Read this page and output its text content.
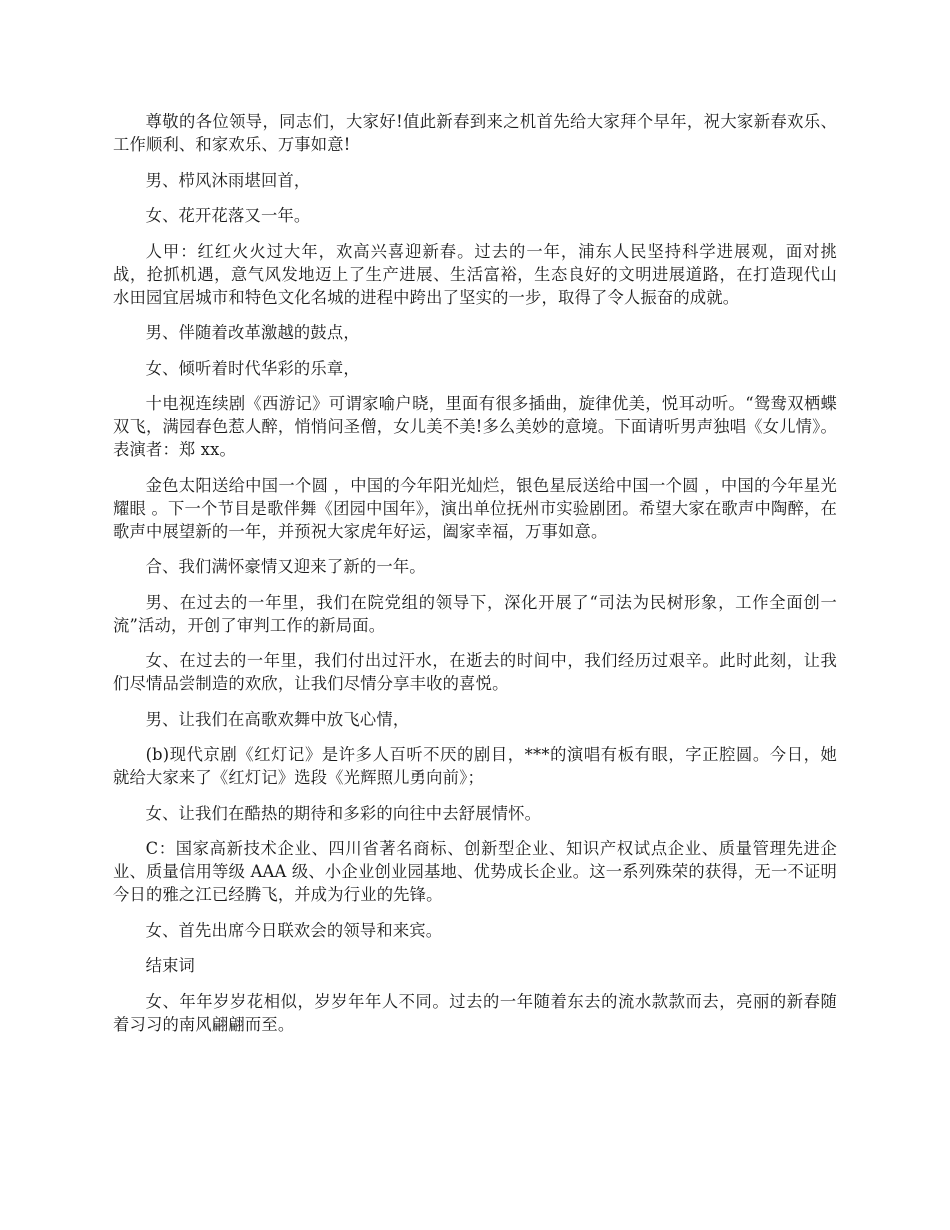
尊敬的各位领导，同志们，大家好!值此新春到来之机首先给大家拜个早年，祝大家新春欢乐、工作顺利、和家欢乐、万事如意!

男、栉风沐雨堪回首，

女、花开花落又一年。

人甲：红红火火过大年，欢高兴喜迎新春。过去的一年，浦东人民坚持科学进展观，面对挑战，抢抓机遇，意气风发地迈上了生产进展、生活富裕，生态良好的文明进展道路，在打造现代山水田园宜居城市和特色文化名城的进程中跨出了坚实的一步，取得了令人振奋的成就。

男、伴随着改革激越的鼓点，

女、倾听着时代华彩的乐章，

十电视连续剧《西游记》可谓家喻户晓，里面有很多插曲，旋律优美，悦耳动听。“鸳鸯双栖蝶双飞，满园春色惹人醉，悄悄问圣僧，女儿美不美!多么美妙的意境。下面请听男声独唱《女儿情》。表演者：郑 xx。

金色太阳送给中国一个圆 ，中国的今年阳光灿烂，银色星辰送给中国一个圆 ，中国的今年星光耀眼 。下一个节目是歌伴舞《团园中国年》，演出单位抚州市实验剧团。希望大家在歌声中陶醉，在歌声中展望新的一年，并预祝大家虎年好运，阖家幸福，万事如意。

合、我们满怀豪情又迎来了新的一年。

男、在过去的一年里，我们在院党组的领导下，深化开展了“司法为民树形象，工作全面创一流”活动，开创了审判工作的新局面。

女、在过去的一年里，我们付出过汗水，在逝去的时间中，我们经历过艰辛。此时此刻，让我们尽情品尝制造的欢欣，让我们尽情分享丰收的喜悦。

男、让我们在高歌欢舞中放飞心情，

(b)现代京剧《红灯记》是许多人百听不厌的剧目，***的演唱有板有眼，字正腔圆。今日，她就给大家来了《红灯记》选段《光辉照儿勇向前》；

女、让我们在酷热的期待和多彩的向往中去舒展情怀。

C：国家高新技术企业、四川省著名商标、创新型企业、知识产权试点企业、质量管理先进企业、质量信用等级 AAA 级、小企业创业园基地、优势成长企业。这一系列殊荣的获得，无一不证明今日的雅之江已经腾飞，并成为行业的先锋。

女、首先出席今日联欢会的领导和来宾。

结束词

女、年年岁岁花相似，岁岁年年人不同。过去的一年随着东去的流水款款而去，亮丽的新春随着习习的南风翩翩而至。
